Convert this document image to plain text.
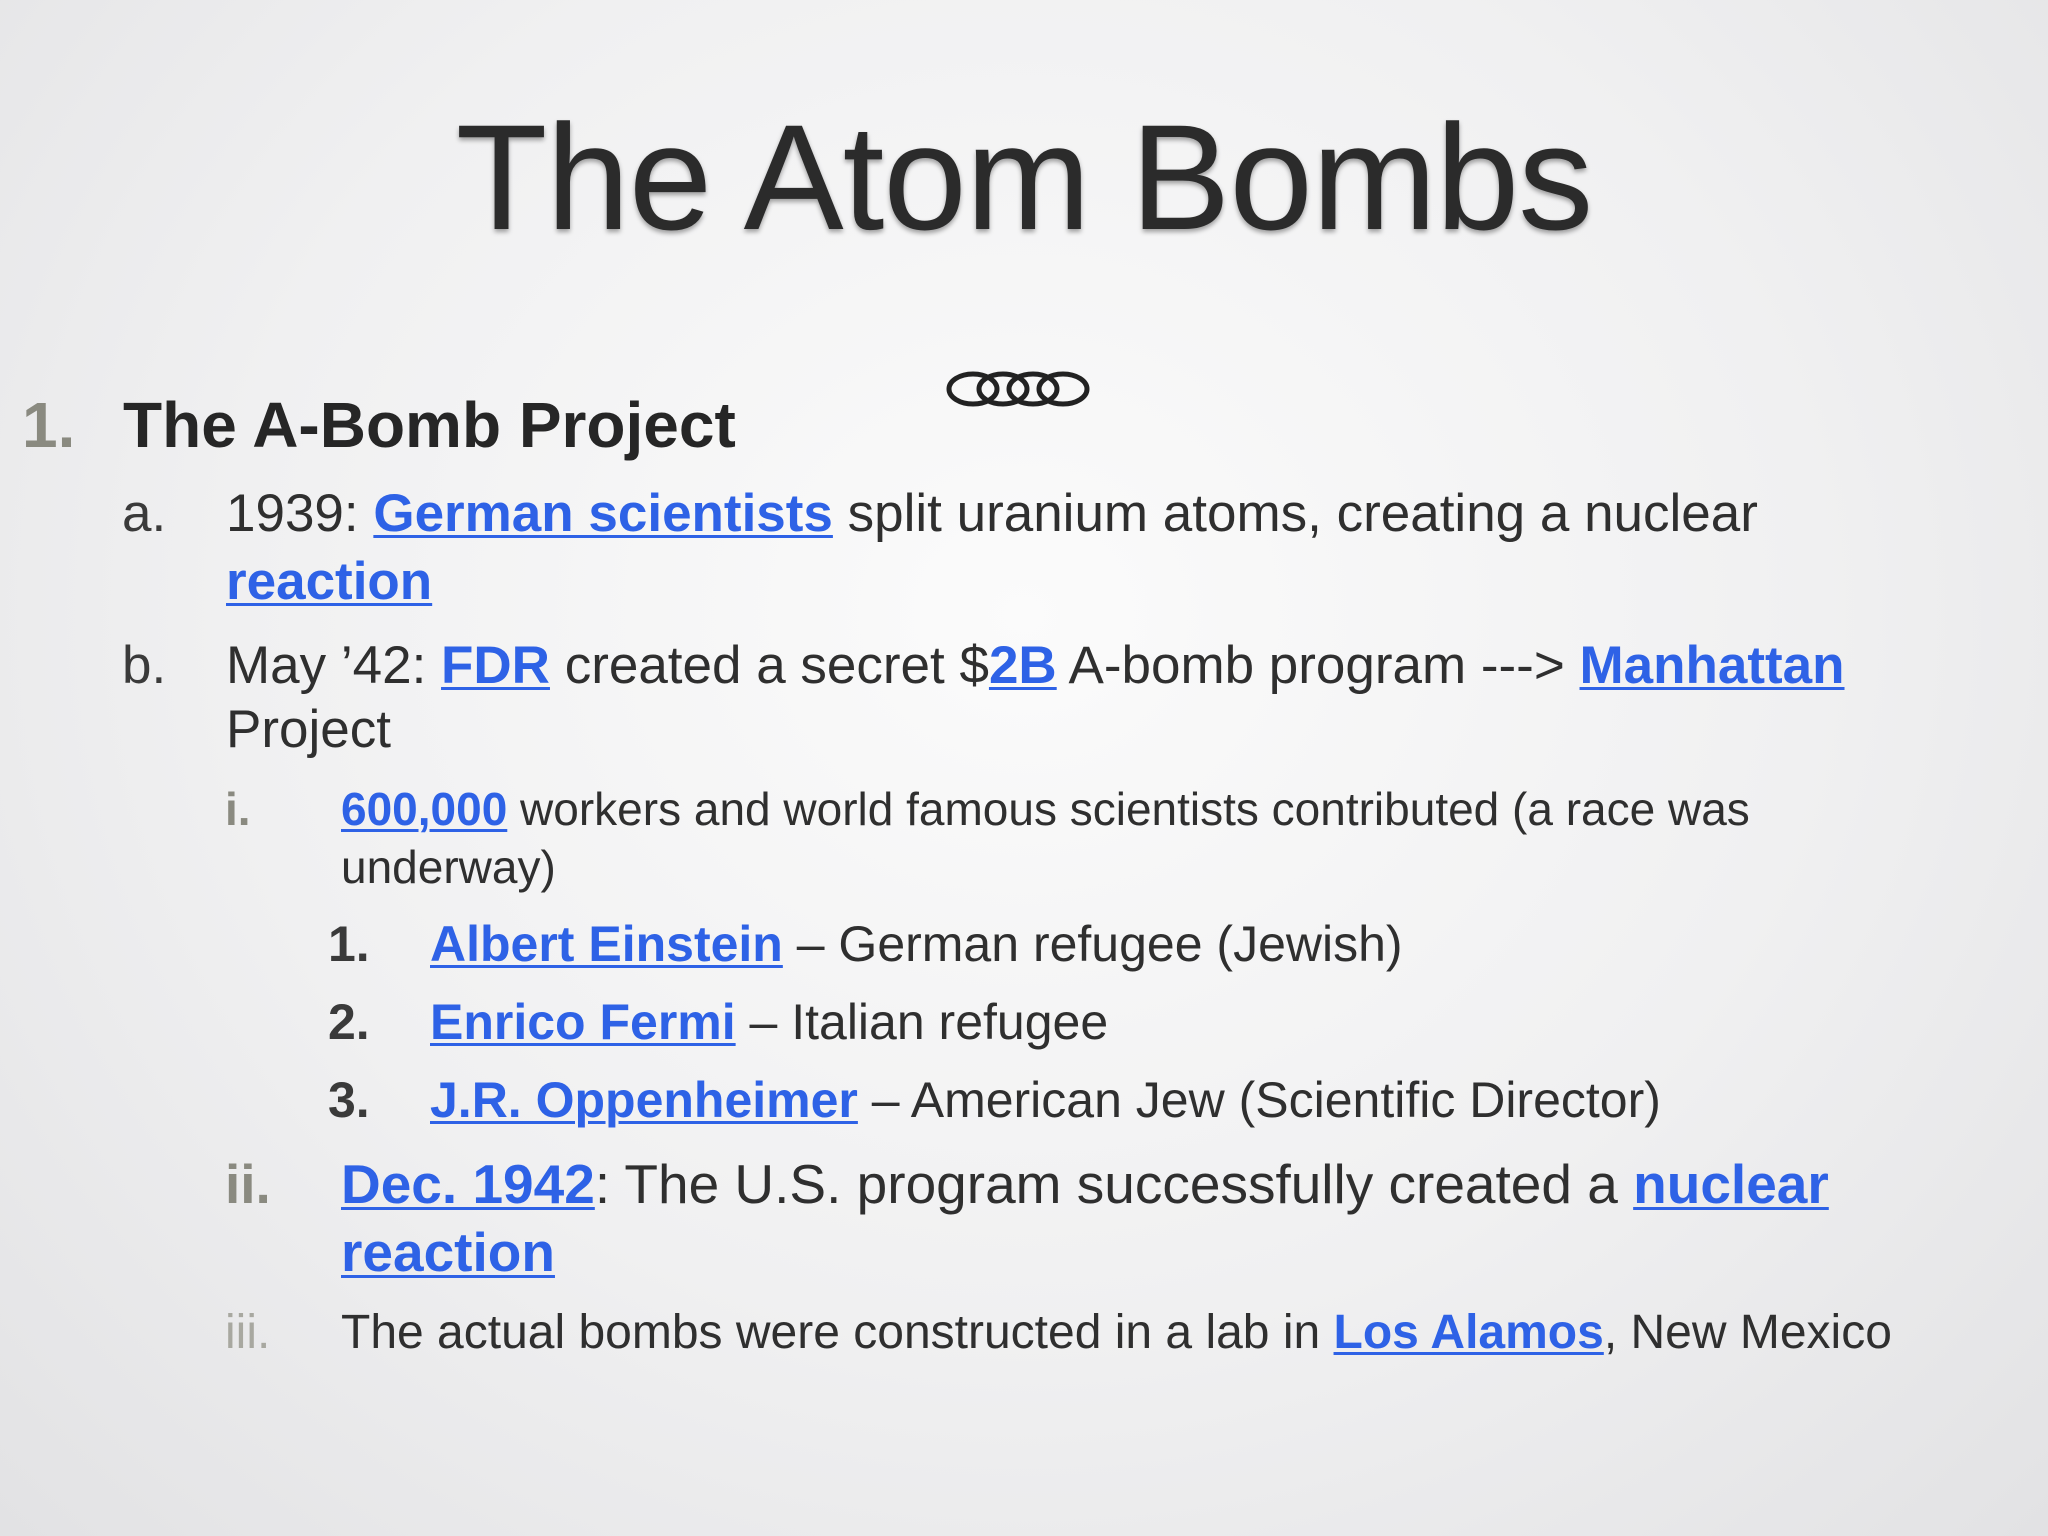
The Atom Bombs
1. The A-Bomb Project
a. 1939: German scientists split uranium atoms, creating a nuclear
reaction
b. May ’42: FDR created a secret $2B A-bomb program ---> Manhattan
Project
i. 600,000 workers and world famous scientists contributed (a race was
underway)
1. Albert Einstein – German refugee (Jewish)
2. Enrico Fermi – Italian refugee
3. J.R. Oppenheimer – American Jew (Scientific Director)
ii. Dec. 1942: The U.S. program successfully created a nuclear
reaction
iii. The actual bombs were constructed in a lab in Los Alamos, New Mexico
